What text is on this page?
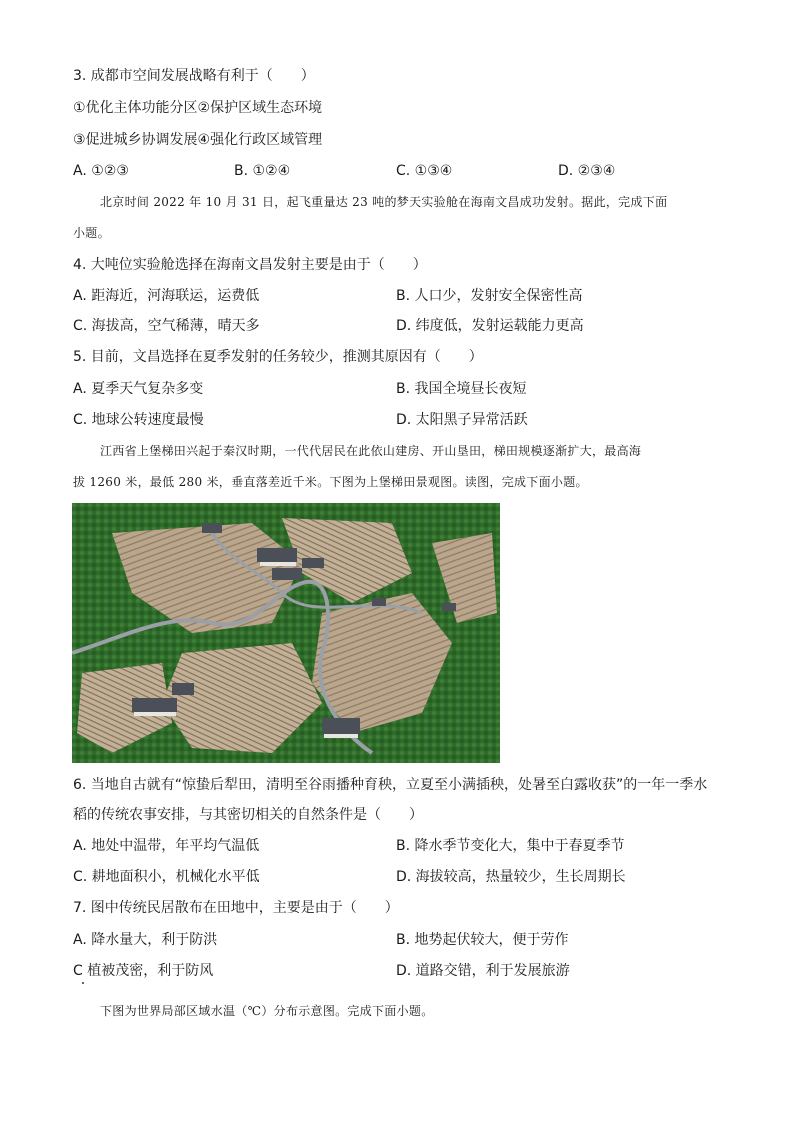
3. 成都市空间发展战略有利于（　　）
①优化主体功能分区②保护区域生态环境
③促进城乡协调发展④强化行政区域管理
A. ①②③	B. ①②④	C. ①③④	D. ②③④
北京时间 2022 年 10 月 31 日，起飞重量达 23 吨的梦天实验舱在海南文昌成功发射。据此，完成下面
小题。
4. 大吨位实验舱选择在海南文昌发射主要是由于（　　）
A. 距海近，河海联运，运费低	B. 人口少，发射安全保密性高
C. 海拔高，空气稀薄，晴天多	D. 纬度低，发射运载能力更高
5. 目前，文昌选择在夏季发射的任务较少，推测其原因有（　　）
A. 夏季天气复杂多变	B. 我国全境昼长夜短
C. 地球公转速度最慢	D. 太阳黑子异常活跃
江西省上堡梯田兴起于秦汉时期，一代代居民在此依山建房、开山垦田，梯田规模逐渐扩大，最高海
拔 1260 米，最低 280 米，垂直落差近千米。下图为上堡梯田景观图。读图，完成下面小题。
6. 当地自古就有“惊蛰后犁田，清明至谷雨播种育秧，立夏至小满插秧，处暑至白露收获”的一年一季水
稻的传统农事安排，与其密切相关的自然条件是（　　）
A. 地处中温带，年平均气温低	B. 降水季节变化大，集中于春夏季节
C. 耕地面积小，机械化水平低	D. 海拔较高，热量较少，生长周期长
7. 图中传统民居散布在田地中，主要是由于（　　）
A. 降水量大，利于防洪	B. 地势起伏较大，便于劳作
C 植被茂密，利于防风	D. 道路交错，利于发展旅游
下图为世界局部区域水温（℃）分布示意图。完成下面小题。
